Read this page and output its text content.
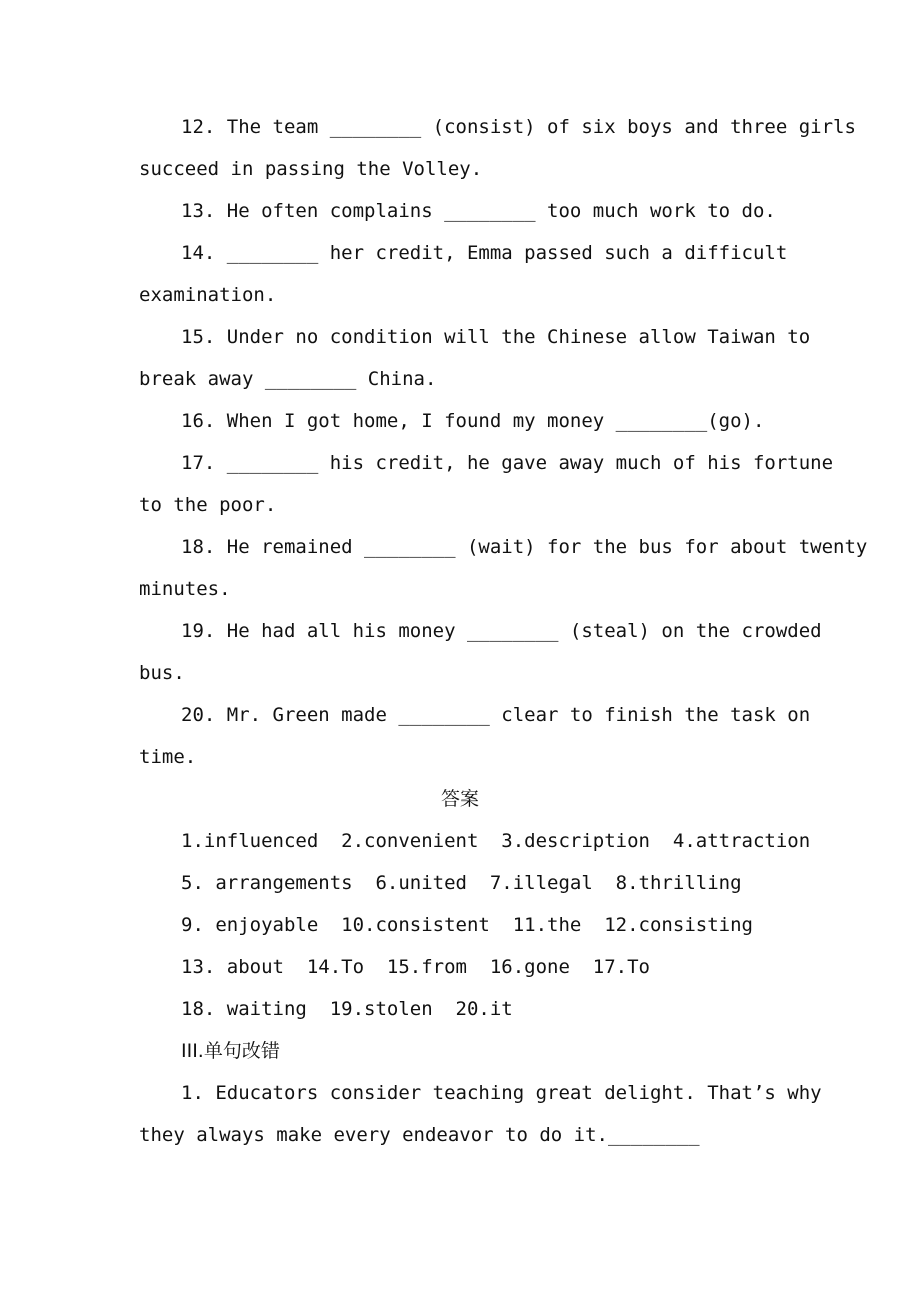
12. The team ________ (consist) of six boys and three girls
succeed in passing the Volley.
13. He often complains ________ too much work to do.
14. ________ her credit, Emma passed such a difficult
examination.
15. Under no condition will the Chinese allow Taiwan to
break away ________ China.
16. When I got home, I found my money ________(go).
17. ________ his credit, he gave away much of his fortune
to the poor.
18. He remained ________ (wait) for the bus for about twenty
minutes.
19. He had all his money ________ (steal) on the crowded
bus.
20. Mr. Green made ________ clear to finish the task on
time.
答案
1.influenced  2.convenient  3.description  4.attraction
5. arrangements  6.united  7.illegal  8.thrilling
9. enjoyable  10.consistent  11.the  12.consisting
13. about  14.To  15.from  16.gone  17.To
18. waiting  19.stolen  20.it
III.单句改错
1. Educators consider teaching great delight. That’s why
they always make every endeavor to do it.________
